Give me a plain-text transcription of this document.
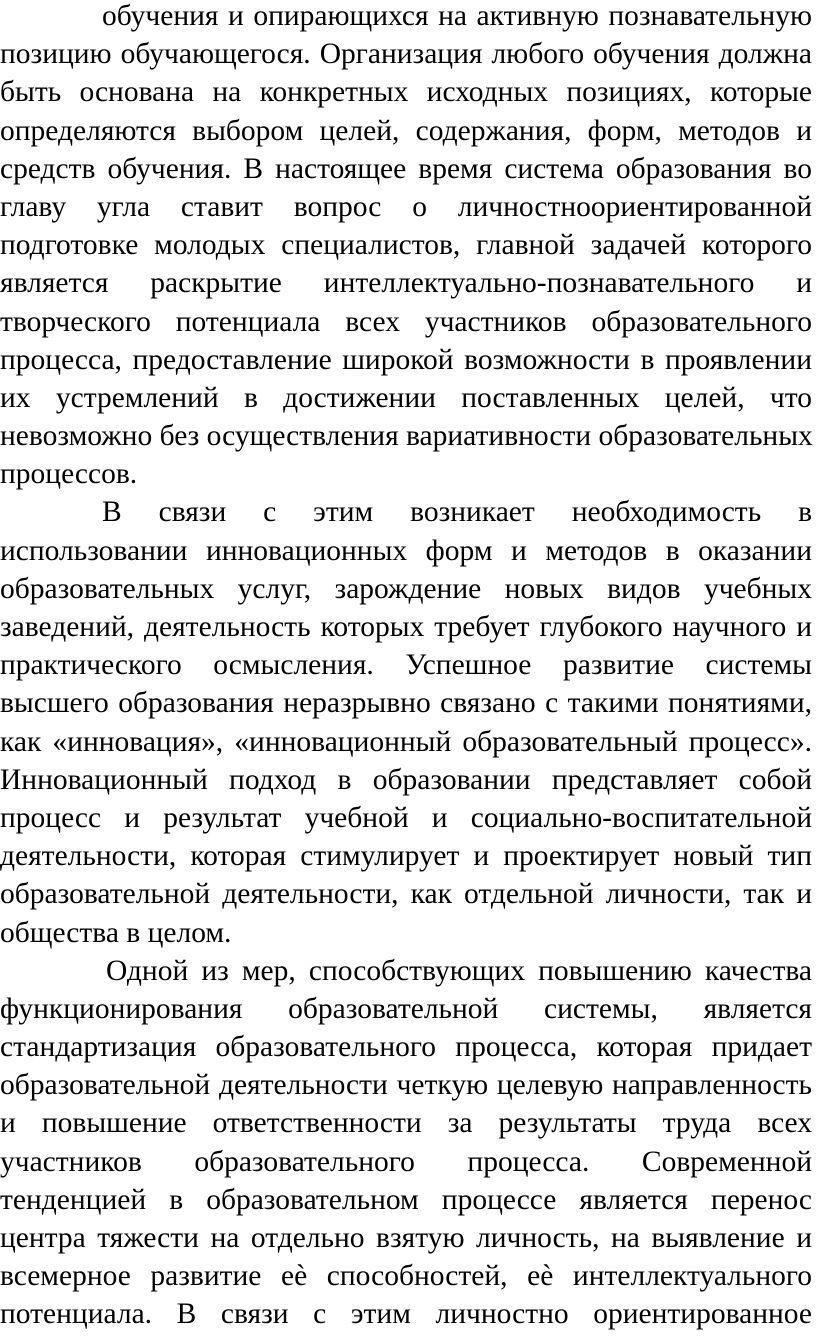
обучения и опирающихся на активную познавательную
позицию обучающегося. Организация любого обучения должна
быть основана на конкретных исходных позициях, которые
определяются выбором целей, содержания, форм, методов и
средств обучения. В настоящее время система образования во
главу угла ставит вопрос о личностноориентированной
подготовке молодых специалистов, главной задачей которого
является раскрытие интеллектуально-познавательного и
творческого потенциала всех участников образовательного
процесса, предоставление широкой возможности в проявлении
их устремлений в достижении поставленных целей, что
невозможно без осуществления вариативности образовательных
процессов.
В связи с этим возникает необходимость в
использовании инновационных форм и методов в оказании
образовательных услуг, зарождение новых видов учебных
заведений, деятельность которых требует глубокого научного и
практического осмысления. Успешное развитие системы
высшего образования неразрывно связано с такими понятиями,
как «инновация», «инновационный образовательный процесс».
Инновационный подход в образовании представляет собой
процесс и результат учебной и социально-воспитательной
деятельности, которая стимулирует и проектирует новый тип
образовательной деятельности, как отдельной личности, так и
общества в целом.
Одной из мер, способствующих повышению качества
функционирования образовательной системы, является
стандартизация образовательного процесса, которая придает
образовательной деятельности четкую целевую направленность
и повышение ответственности за результаты труда всех
участников образовательного процесса. Современной
тенденцией в образовательном процессе является перенос
центра тяжести на отдельно взятую личность, на выявление и
всемерное развитие еѐ способностей, еѐ интеллектуального
потенциала. В связи с этим личностно ориентированное
